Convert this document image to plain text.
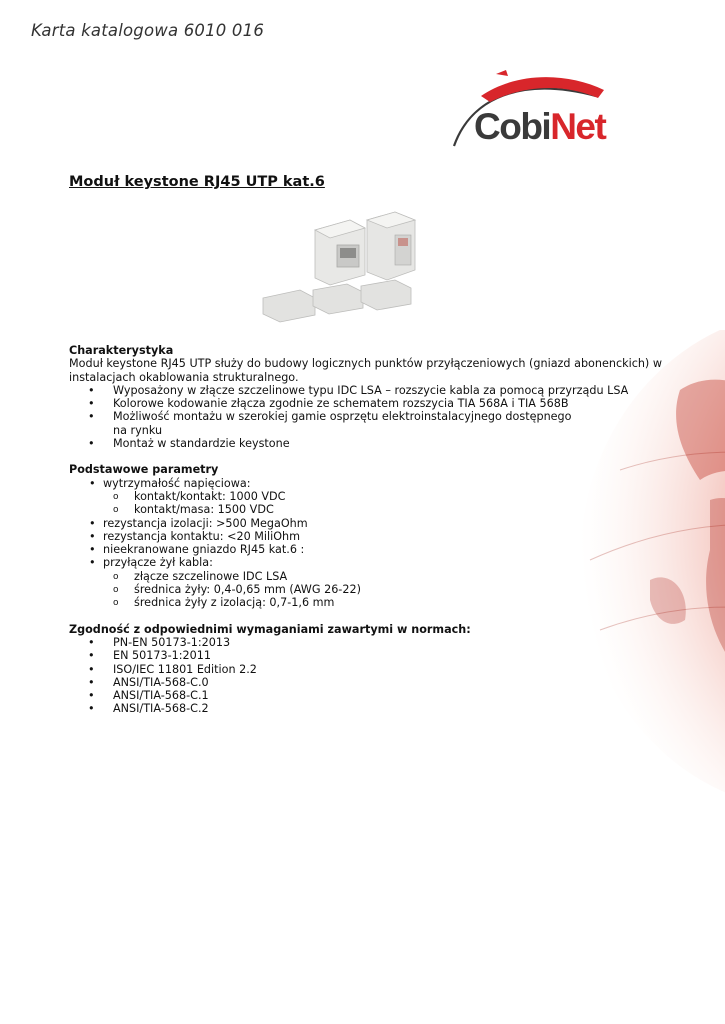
Karta katalogowa 6010 016
CobiNet
Moduł keystone RJ45 UTP kat.6
Charakterystyka
Moduł keystone RJ45 UTP służy do budowy logicznych punktów przyłączeniowych (gniazd abonenckich) w instalacjach okablowania strukturalnego.
• Wyposażony w złącze szczelinowe typu IDC LSA – rozszycie kabla za pomocą przyrządu LSA
• Kolorowe kodowanie złącza zgodnie ze schematem rozszycia TIA 568A i TIA 568B
• Możliwość montażu w szerokiej gamie osprzętu elektroinstalacyjnego dostępnego
na rynku
• Montaż w standardzie keystone
Podstawowe parametry
• wytrzymałość napięciowa:
o kontakt/kontakt: 1000 VDC
o kontakt/masa: 1500 VDC
• rezystancja izolacji: >500 MegaOhm
• rezystancja kontaktu: <20 MiliOhm
• nieekranowane gniazdo RJ45 kat.6 :
• przyłącze żył kabla:
o złącze szczelinowe IDC LSA
o średnica żyły: 0,4-0,65 mm (AWG 26-22)
o średnica żyły z izolacją: 0,7-1,6 mm
Zgodność z odpowiednimi wymaganiami zawartymi w normach:
• PN-EN 50173-1:2013
• EN 50173-1:2011
• ISO/IEC 11801 Edition 2.2
• ANSI/TIA-568-C.0
• ANSI/TIA-568-C.1
• ANSI/TIA-568-C.2
